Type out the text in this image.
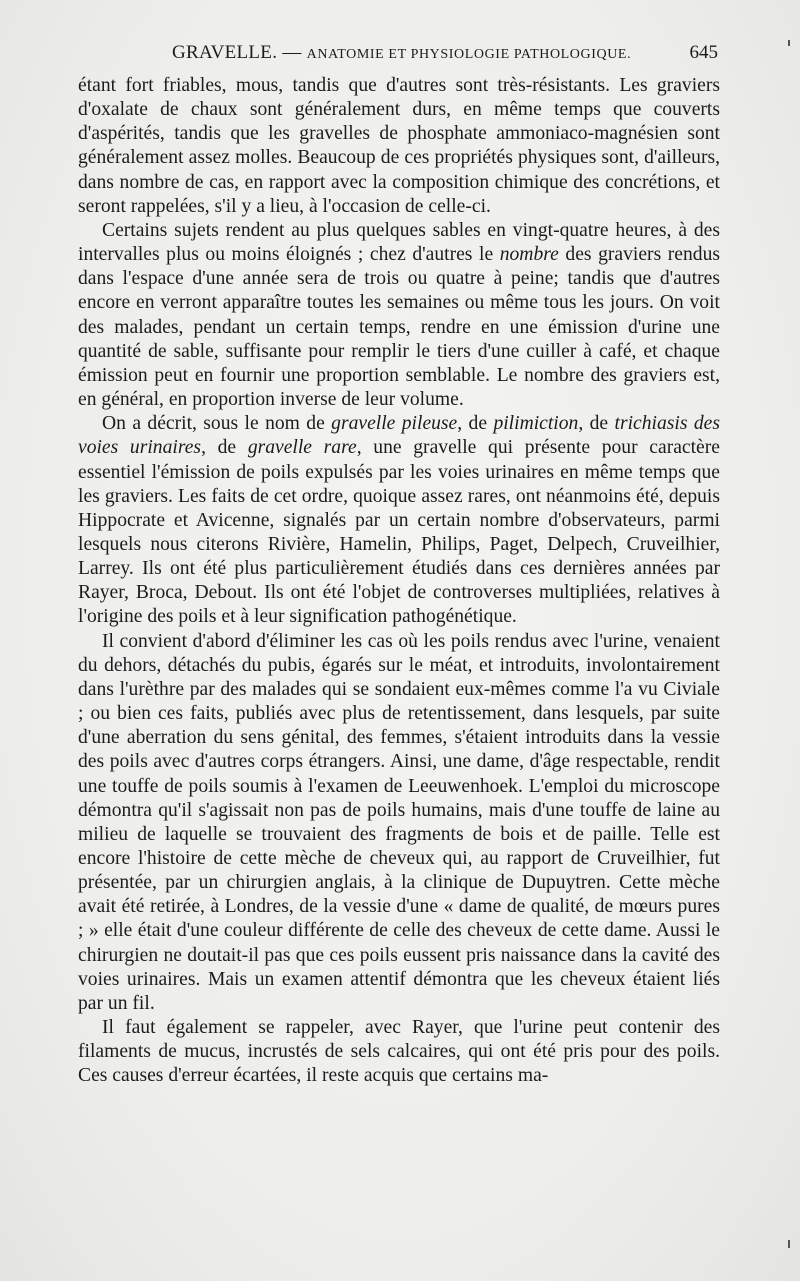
GRAVELLE. — ANATOMIE ET PHYSIOLOGIE PATHOLOGIQUE.	645

étant fort friables, mous, tandis que d'autres sont très-résistants. Les graviers d'oxalate de chaux sont généralement durs, en même temps que couverts d'aspérités, tandis que les gravelles de phosphate ammoniaco-magnésien sont généralement assez molles. Beaucoup de ces propriétés physiques sont, d'ailleurs, dans nombre de cas, en rapport avec la composition chimique des concrétions, et seront rappelées, s'il y a lieu, à l'occasion de celle-ci.

Certains sujets rendent au plus quelques sables en vingt-quatre heures, à des intervalles plus ou moins éloignés ; chez d'autres le nombre des graviers rendus dans l'espace d'une année sera de trois ou quatre à peine; tandis que d'autres encore en verront apparaître toutes les semaines ou même tous les jours. On voit des malades, pendant un certain temps, rendre en une émission d'urine une quantité de sable, suffisante pour remplir le tiers d'une cuiller à café, et chaque émission peut en fournir une proportion semblable. Le nombre des graviers est, en général, en proportion inverse de leur volume.

On a décrit, sous le nom de gravelle pileuse, de pilimiction, de trichiasis des voies urinaires, de gravelle rare, une gravelle qui présente pour caractère essentiel l'émission de poils expulsés par les voies urinaires en même temps que les graviers. Les faits de cet ordre, quoique assez rares, ont néanmoins été, depuis Hippocrate et Avicenne, signalés par un certain nombre d'observateurs, parmi lesquels nous citerons Rivière, Hamelin, Philips, Paget, Delpech, Cruveilhier, Larrey. Ils ont été plus particulièrement étudiés dans ces dernières années par Rayer, Broca, Debout. Ils ont été l'objet de controverses multipliées, relatives à l'origine des poils et à leur signification pathogénétique.

Il convient d'abord d'éliminer les cas où les poils rendus avec l'urine, venaient du dehors, détachés du pubis, égarés sur le méat, et introduits, involontairement dans l'urèthre par des malades qui se sondaient eux-mêmes comme l'a vu Civiale ; ou bien ces faits, publiés avec plus de retentissement, dans lesquels, par suite d'une aberration du sens génital, des femmes, s'étaient introduits dans la vessie des poils avec d'autres corps étrangers. Ainsi, une dame, d'âge respectable, rendit une touffe de poils soumis à l'examen de Leeuwenhoek. L'emploi du microscope démontra qu'il s'agissait non pas de poils humains, mais d'une touffe de laine au milieu de laquelle se trouvaient des fragments de bois et de paille. Telle est encore l'histoire de cette mèche de cheveux qui, au rapport de Cruveilhier, fut présentée, par un chirurgien anglais, à la clinique de Dupuytren. Cette mèche avait été retirée, à Londres, de la vessie d'une « dame de qualité, de mœurs pures ; » elle était d'une couleur différente de celle des cheveux de cette dame. Aussi le chirurgien ne doutait-il pas que ces poils eussent pris naissance dans la cavité des voies urinaires. Mais un examen attentif démontra que les cheveux étaient liés par un fil.

Il faut également se rappeler, avec Rayer, que l'urine peut contenir des filaments de mucus, incrustés de sels calcaires, qui ont été pris pour des poils. Ces causes d'erreur écartées, il reste acquis que certains ma-
